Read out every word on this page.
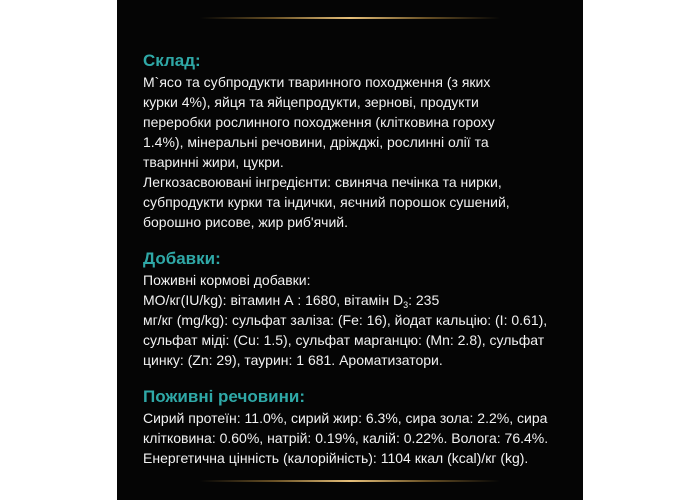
Склад:

М`ясо та субпродукти тваринного походження (з яких
курки 4%), яйця та яйцепродукти, зернові, продукти
переробки рослинного походження (клітковина гороху
1.4%), мінеральні речовини, дріжджі, рослинні олії та
тваринні жири, цукри.
Легкозасвоювані інгредієнти: свиняча печінка та нирки,
субпродукти курки та індички, яєчний порошок сушений,
борошно рисове, жир риб'ячий.

Добавки:

Поживні кормові добавки:

МО/кг(IU/kg): вітамин А : 1680, вітамін $D_3$: 235

мг/кг (mg/kg): сульфат заліза: (Fe: 16), йодат кальцію: (I: 0.61),
сульфат міді: (Cu: 1.5), сульфат марганцю: (Mn: 2.8), сульфат
цинку: (Zn: 29), таурин: 1 681. Ароматизатори.

Поживні речовини:

Сирий протеїн: 11.0%, сирий жир: 6.3%, сира зола: 2.2%, сира
клітковина: 0.60%, натрій: 0.19%, калій: 0.22%. Волога: 76.4%.
Енергетична цінність (калорійність): 1104 ккал (kcal)/кг (kg).
